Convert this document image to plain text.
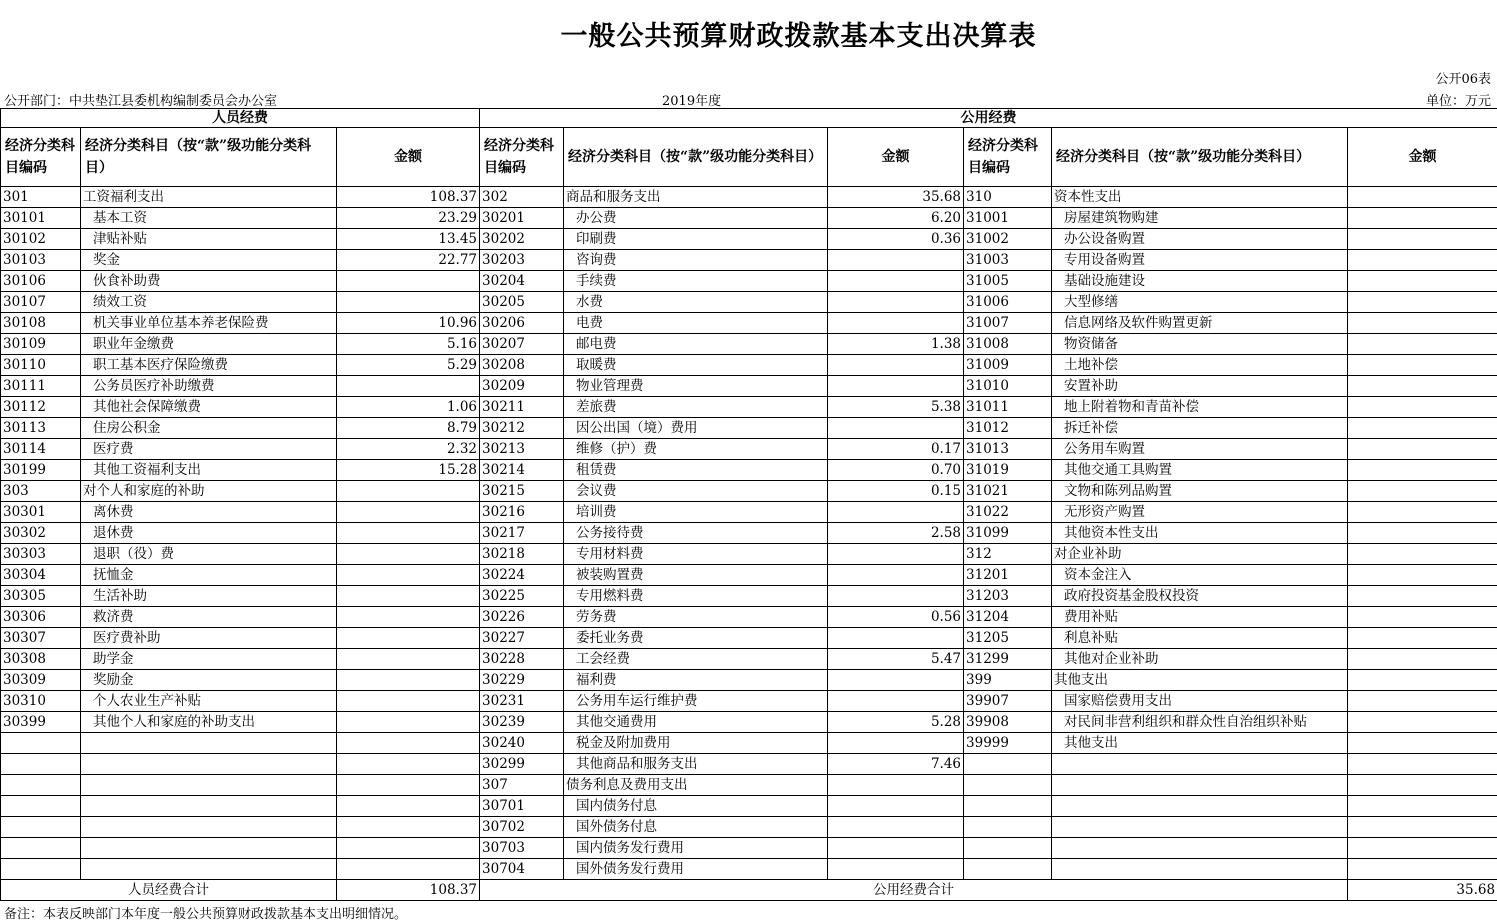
一般公共预算财政拨款基本支出决算表
公开06表
公开部门：中共垫江县委机构编制委员会办公室	2019年度	单位：万元
人员经费			公用经费					
经济分类科目编码	经济分类科目（按“款”级功能分类科目）	金额	经济分类科目编码	经济分类科目（按“款”级功能分类科目）	金额	经济分类科目编码	经济分类科目（按“款”级功能分类科目）	金额
301	工资福利支出	108.37	302	商品和服务支出	35.68	310	资本性支出	
30101	基本工资	23.29	30201	办公费	6.20	31001	房屋建筑物购建	
30102	津贴补贴	13.45	30202	印刷费	0.36	31002	办公设备购置	
30103	奖金	22.77	30203	咨询费		31003	专用设备购置	
30106	伙食补助费		30204	手续费		31005	基础设施建设	
30107	绩效工资		30205	水费		31006	大型修缮	
30108	机关事业单位基本养老保险费	10.96	30206	电费		31007	信息网络及软件购置更新	
30109	职业年金缴费	5.16	30207	邮电费	1.38	31008	物资储备	
30110	职工基本医疗保险缴费	5.29	30208	取暖费		31009	土地补偿	
30111	公务员医疗补助缴费		30209	物业管理费		31010	安置补助	
30112	其他社会保障缴费	1.06	30211	差旅费	5.38	31011	地上附着物和青苗补偿	
30113	住房公积金	8.79	30212	因公出国（境）费用		31012	拆迁补偿	
30114	医疗费	2.32	30213	维修（护）费	0.17	31013	公务用车购置	
30199	其他工资福利支出	15.28	30214	租赁费	0.70	31019	其他交通工具购置	
303	对个人和家庭的补助		30215	会议费	0.15	31021	文物和陈列品购置	
30301	离休费		30216	培训费		31022	无形资产购置	
30302	退休费		30217	公务接待费	2.58	31099	其他资本性支出	
30303	退职（役）费		30218	专用材料费		312	对企业补助	
30304	抚恤金		30224	被装购置费		31201	资本金注入	
30305	生活补助		30225	专用燃料费		31203	政府投资基金股权投资	
30306	救济费		30226	劳务费	0.56	31204	费用补贴	
30307	医疗费补助		30227	委托业务费		31205	利息补贴	
30308	助学金		30228	工会经费	5.47	31299	其他对企业补助	
30309	奖励金		30229	福利费		399	其他支出	
30310	个人农业生产补贴		30231	公务用车运行维护费		39907	国家赔偿费用支出	
30399	其他个人和家庭的补助支出		30239	其他交通费用	5.28	39908	对民间非营利组织和群众性自治组织补贴	
			30240	税金及附加费用		39999	其他支出	
			30299	其他商品和服务支出	7.46			
			307	债务利息及费用支出				
			30701	国内债务付息				
			30702	国外债务付息				
			30703	国内债务发行费用				
			30704	国外债务发行费用				
人员经费合计		108.37	公用经费合计					35.68
备注：本表反映部门本年度一般公共预算财政拨款基本支出明细情况。
